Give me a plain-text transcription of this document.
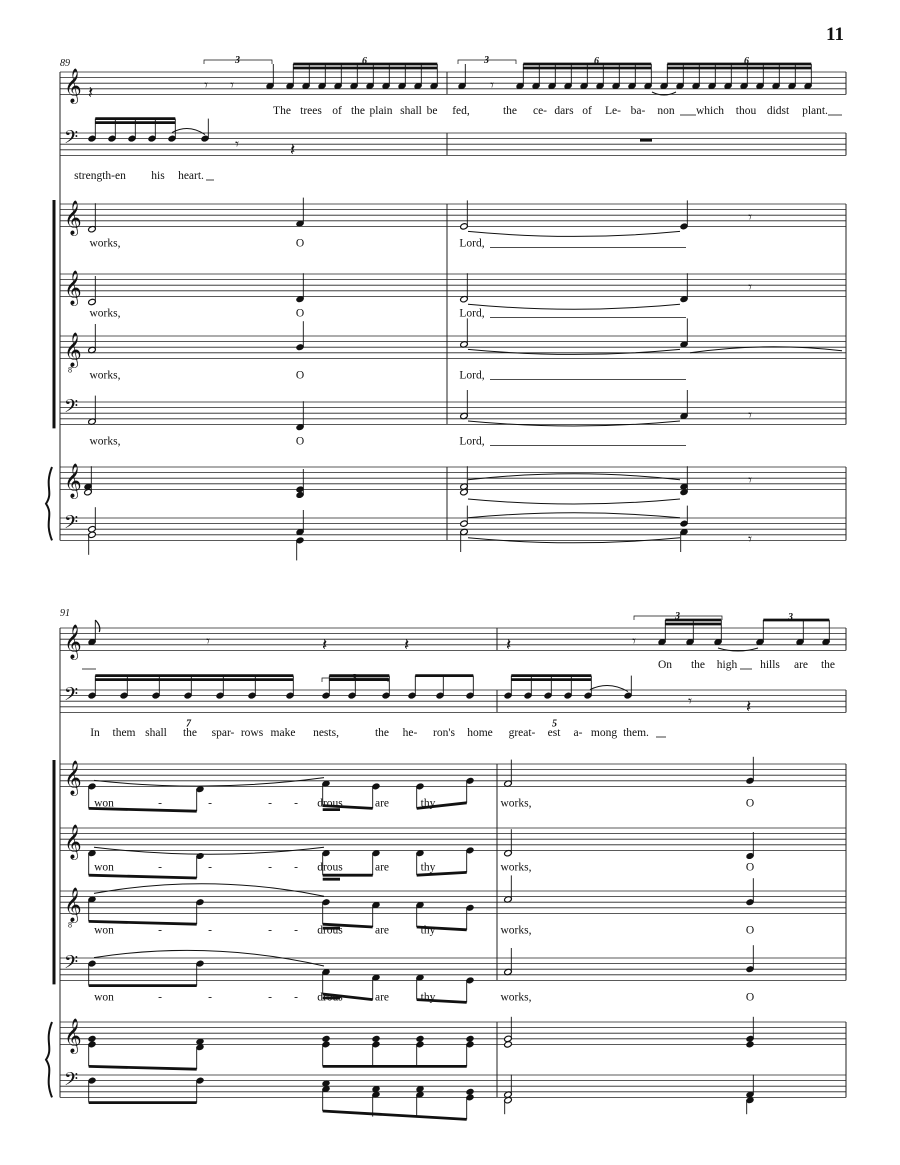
11
89
𝄞
𝄢
𝄞
𝄞
𝄞
𝄢
𝄞
𝄢
8
𝄽	𝄾 𝄾
3	6
𝄾
3	6	6
The trees of the plain shall be fed,	the ce- dars of Le- ba- non which thou didst plant.
𝄾	𝄽
strength-en his heart.
𝄾
works,	O	Lord,
𝄾
works,	O	Lord,
works,	O	Lord,
𝄾
works,	O	Lord,
𝄾
𝄾
91
𝄞
𝄢
𝄞
𝄞
𝄞
𝄢
𝄞
𝄢
8
𝄾	𝄽	𝄽	𝄽	𝄾
3	3
On the high hills are the
3
7	5
𝄾	𝄽
In them shall the spar- rows make nests,	the he- ron's home great- est a- mong them.
won	-	-	- - drous	are	thy	works,	O
won	-	-	- - drous	are	thy	works,	O
won	-	-	- - drous	are	thy	works,	O
won	-	-	- - drous	are	thy	works,	O
